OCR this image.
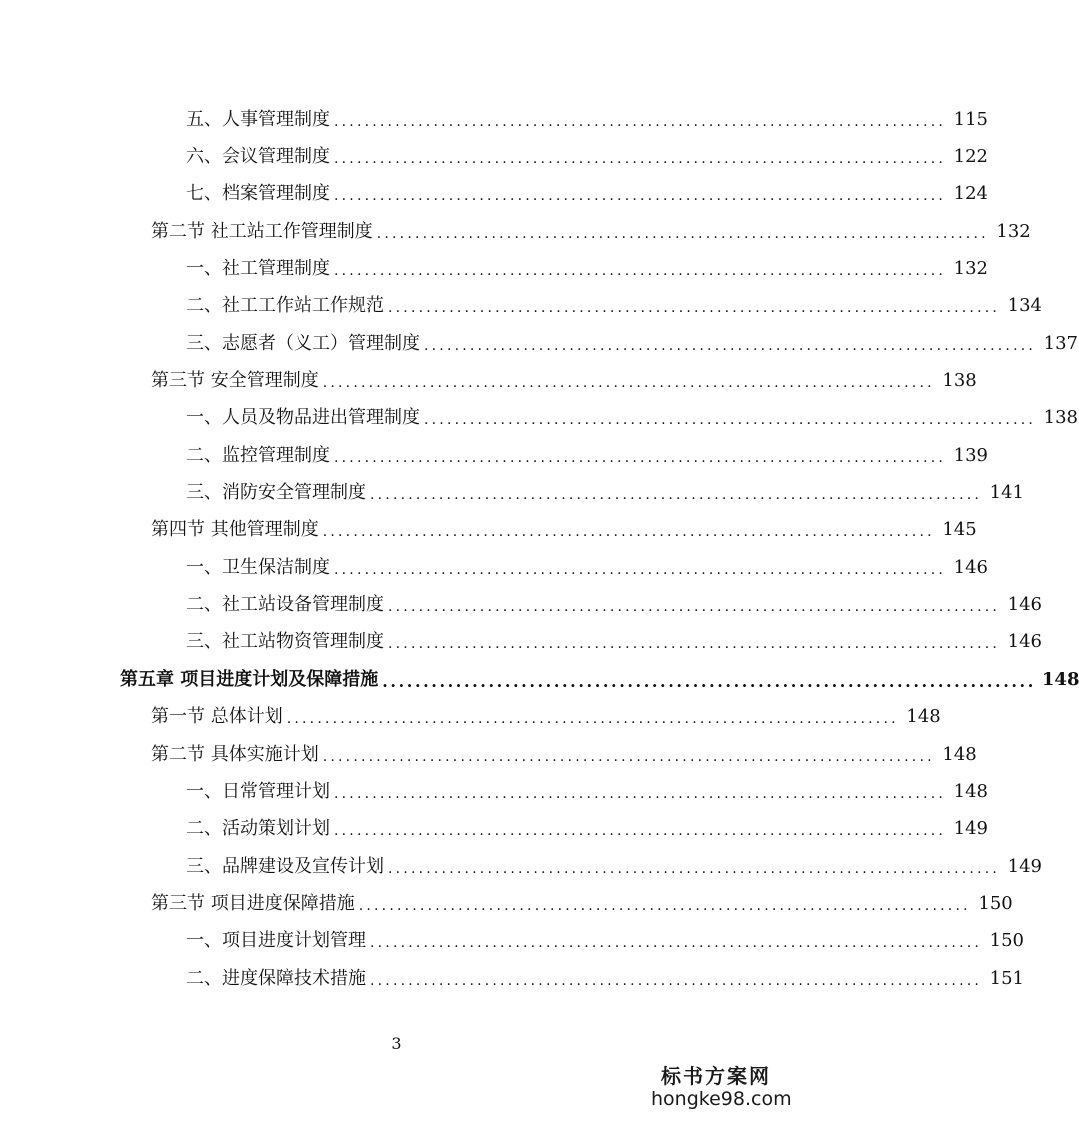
五、人事管理制度 ................................................................................ 115
六、会议管理制度 ................................................................................ 122
七、档案管理制度 ................................................................................ 124
第二节 社工站工作管理制度 ................................................................................ 132
一、社工管理制度 ................................................................................ 132
二、社工工作站工作规范 ................................................................................ 134
三、志愿者（义工）管理制度 ................................................................................ 137
第三节 安全管理制度 ................................................................................ 138
一、人员及物品进出管理制度 ................................................................................ 138
二、监控管理制度 ................................................................................ 139
三、消防安全管理制度 ................................................................................ 141
第四节 其他管理制度 ................................................................................ 145
一、卫生保洁制度 ................................................................................ 146
二、社工站设备管理制度 ................................................................................ 146
三、社工站物资管理制度 ................................................................................ 146
第五章 项目进度计划及保障措施 ................................................................................ 148
第一节 总体计划 ................................................................................ 148
第二节 具体实施计划 ................................................................................ 148
一、日常管理计划 ................................................................................ 148
二、活动策划计划 ................................................................................ 149
三、品牌建设及宣传计划 ................................................................................ 149
第三节 项目进度保障措施 ................................................................................ 150
一、项目进度计划管理 ................................................................................ 150
二、进度保障技术措施 ................................................................................ 151
3
标书方案网
hongke98.com
